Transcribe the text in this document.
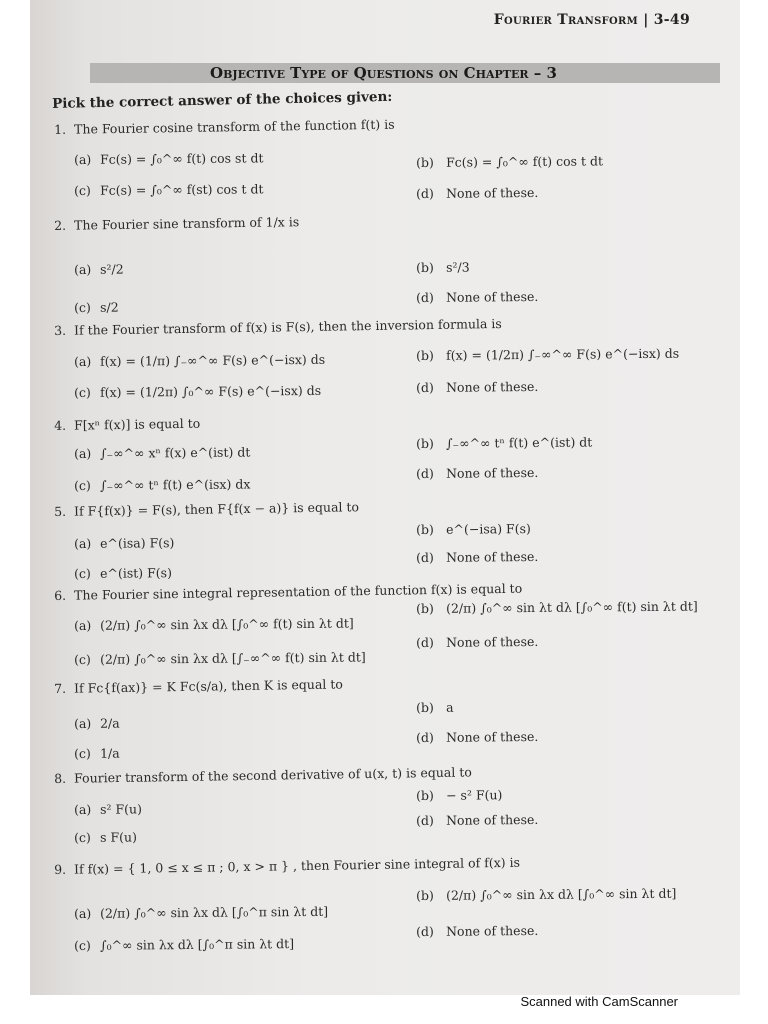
Fourier Transform | 3-49
Objective Type of Questions on Chapter – 3
Pick the correct answer of the choices given:
1. The Fourier cosine transform of the function f(t) is
(a) Fc(s) = ∫₀^∞ f(t) cos st dt	(b) Fc(s) = ∫₀^∞ f(t) cos t dt
(c) Fc(s) = ∫₀^∞ f(st) cos t dt	(d) None of these.
2. The Fourier sine transform of 1/x is
(a) s²/2	(b) s²/3
(c) s/2
(d) None of these.
3. If the Fourier transform of f(x) is F(s), then the inversion formula is
(a) f(x) = (1/π) ∫₋∞^∞ F(s) e^(−isx) ds	(b) f(x) = (1/2π) ∫₋∞^∞ F(s) e^(−isx) ds
(c) f(x) = (1/2π) ∫₀^∞ F(s) e^(−isx) ds	(d) None of these.
4. F[xⁿ f(x)] is equal to
(a) ∫₋∞^∞ xⁿ f(x) e^(ist) dt
(b) ∫₋∞^∞ tⁿ f(t) e^(ist) dt
(c) ∫₋∞^∞ tⁿ f(t) e^(isx) dx
(d) None of these.
5. If F{f(x)} = F(s), then F{f(x − a)} is equal to
(a) e^(isa) F(s)
(b) e^(−isa) F(s)
(c) e^(ist) F(s)
(d) None of these.
6. The Fourier sine integral representation of the function f(x) is equal to
(a) (2/π) ∫₀^∞ sin λx dλ [∫₀^∞ f(t) sin λt dt]
(b) (2/π) ∫₀^∞ sin λt dλ [∫₀^∞ f(t) sin λt dt]
(c) (2/π) ∫₀^∞ sin λx dλ [∫₋∞^∞ f(t) sin λt dt]
(d) None of these.
7. If Fc{f(ax)} = K Fc(s/a), then K is equal to
(a) 2/a
(b) a
(c) 1/a
(d) None of these.
8. Fourier transform of the second derivative of u(x, t) is equal to
(a) s² F(u)
(b) − s² F(u)
(c) s F(u)
(d) None of these.
9. If f(x) = { 1, 0 ≤ x ≤ π ; 0, x > π } , then Fourier sine integral of f(x) is
(a) (2/π) ∫₀^∞ sin λx dλ [∫₀^π sin λt dt]
(b) (2/π) ∫₀^∞ sin λx dλ [∫₀^∞ sin λt dt]
(c) ∫₀^∞ sin λx dλ [∫₀^π sin λt dt]
(d) None of these.
Scanned with CamScanner
